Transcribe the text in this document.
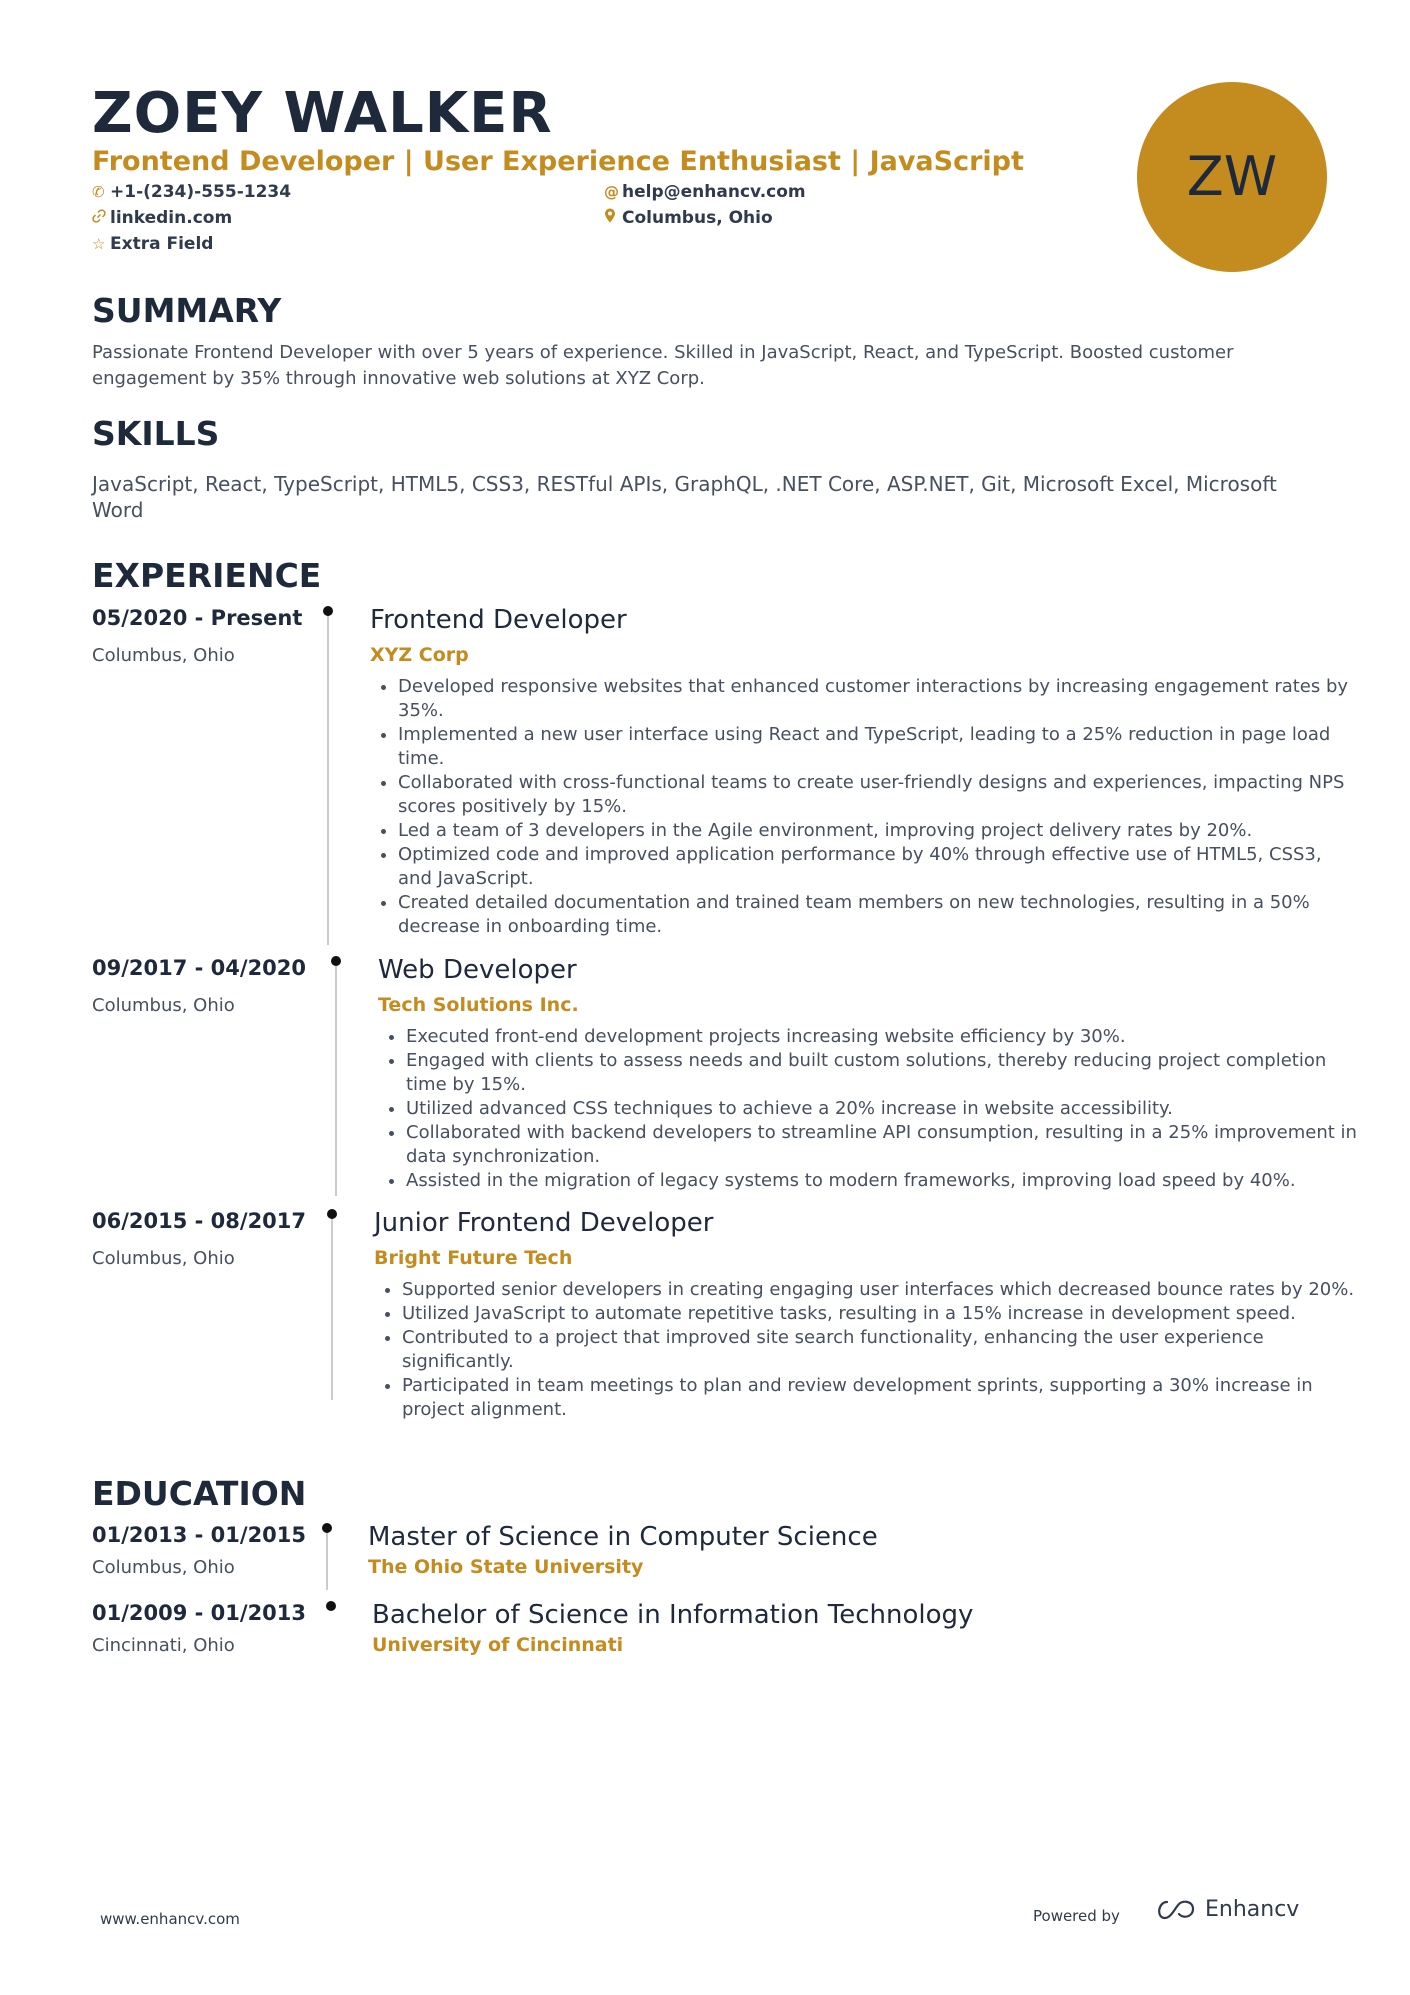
ZOEY WALKER
Frontend Developer | User Experience Enthusiast | JavaScript
✆ +1-(234)-555-1234	@ help@enhancv.com
linkedin.com	Columbus, Ohio
☆ Extra Field
ZW
SUMMARY
Passionate Frontend Developer with over 5 years of experience. Skilled in JavaScript, React, and TypeScript. Boosted customer engagement by 35% through innovative web solutions at XYZ Corp.
SKILLS
JavaScript, React, TypeScript, HTML5, CSS3, RESTful APIs, GraphQL, .NET Core, ASP.NET, Git, Microsoft Excel, Microsoft Word
EXPERIENCE
05/2020 - Present
Columbus, Ohio
Frontend Developer
XYZ Corp
• Developed responsive websites that enhanced customer interactions by increasing engagement rates by 35%.
• Implemented a new user interface using React and TypeScript, leading to a 25% reduction in page load time.
• Collaborated with cross-functional teams to create user-friendly designs and experiences, impacting NPS scores positively by 15%.
• Led a team of 3 developers in the Agile environment, improving project delivery rates by 20%.
• Optimized code and improved application performance by 40% through effective use of HTML5, CSS3, and JavaScript.
• Created detailed documentation and trained team members on new technologies, resulting in a 50% decrease in onboarding time.
09/2017 - 04/2020
Columbus, Ohio
Web Developer
Tech Solutions Inc.
• Executed front-end development projects increasing website efficiency by 30%.
• Engaged with clients to assess needs and built custom solutions, thereby reducing project completion time by 15%.
• Utilized advanced CSS techniques to achieve a 20% increase in website accessibility.
• Collaborated with backend developers to streamline API consumption, resulting in a 25% improvement in data synchronization.
• Assisted in the migration of legacy systems to modern frameworks, improving load speed by 40%.
06/2015 - 08/2017
Columbus, Ohio
Junior Frontend Developer
Bright Future Tech
• Supported senior developers in creating engaging user interfaces which decreased bounce rates by 20%.
• Utilized JavaScript to automate repetitive tasks, resulting in a 15% increase in development speed.
• Contributed to a project that improved site search functionality, enhancing the user experience significantly.
• Participated in team meetings to plan and review development sprints, supporting a 30% increase in project alignment.
EDUCATION
01/2013 - 01/2015
Columbus, Ohio
Master of Science in Computer Science
The Ohio State University
01/2009 - 01/2013
Cincinnati, Ohio
Bachelor of Science in Information Technology
University of Cincinnati
www.enhancv.com	Powered by	Enhancv
